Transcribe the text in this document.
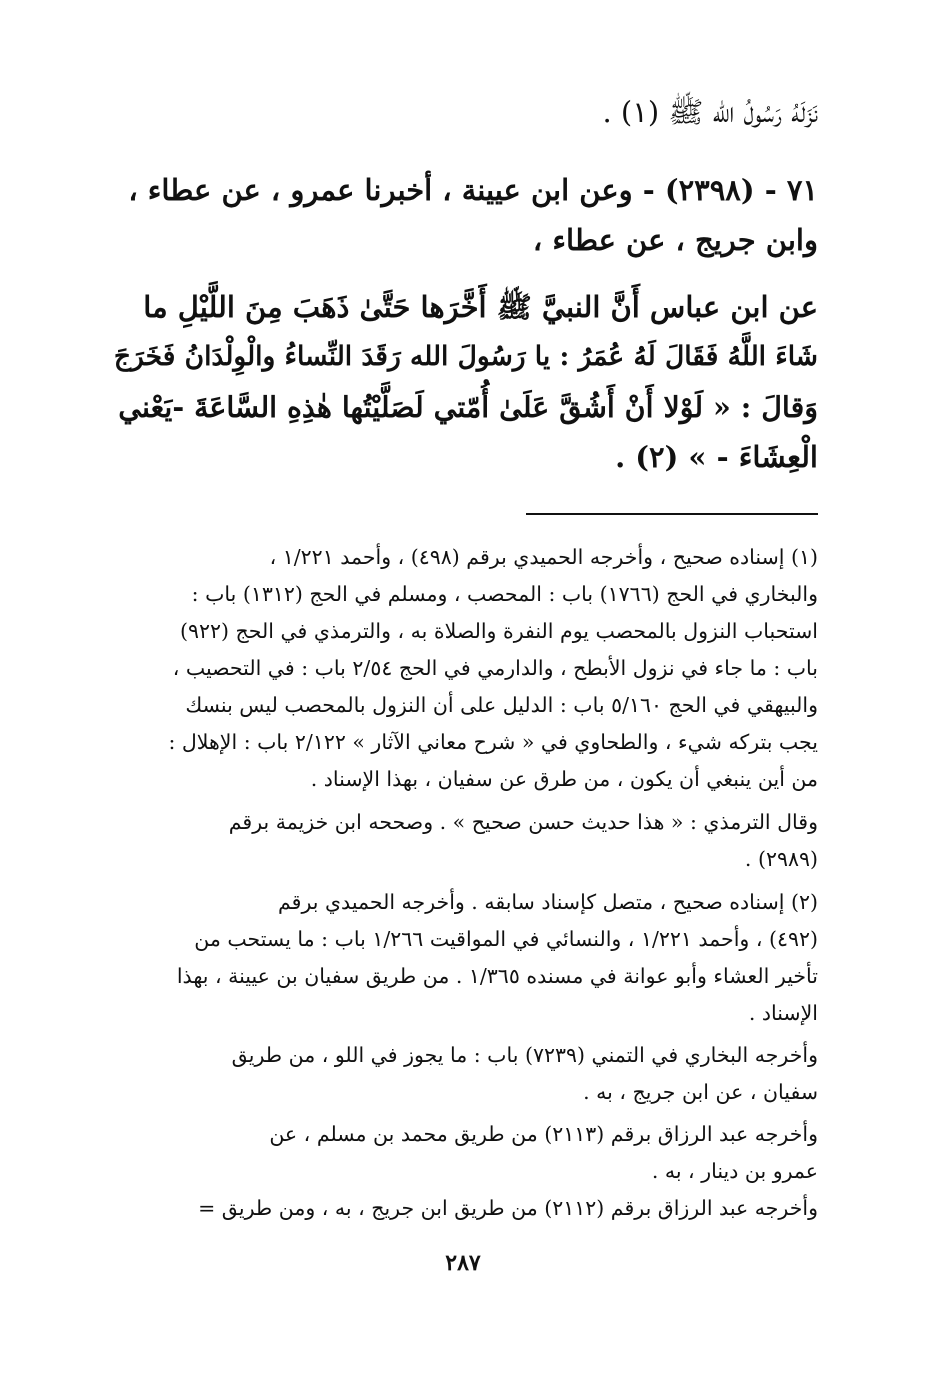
نَزَلَهُ رَسُولُ الله ﷺ (١) .
٧١ - (٢٣٩٨) - وعن ابن عيينة ، أخبرنا عمرو ، عن عطاء ،
وابن جريج ، عن عطاء ،
عن ابن عباس أَنَّ النبيَّ ﷺ أَخَّرَها حَتَّىٰ ذَهَبَ مِنَ اللَّيْلِ ما
شَاءَ اللَّهُ فَقَالَ لَهُ عُمَرُ : يا رَسُولَ الله رَقَدَ النِّساءُ والْوِلْدَانُ فَخَرَجَ
وَقالَ : « لَوْلا أَنْ أَشُقَّ عَلَىٰ أُمّتي لَصَلَّيْتُها هٰذِهِ السَّاعَةَ -يَعْني
الْعِشَاءَ - » (٢) .
(١) إسناده صحيح ، وأخرجه الحميدي برقم (٤٩٨) ، وأحمد ١/٢٢١ ،
والبخاري في الحج (١٧٦٦) باب : المحصب ، ومسلم في الحج (١٣١٢) باب :
استحباب النزول بالمحصب يوم النفرة والصلاة به ، والترمذي في الحج (٩٢٢)
باب : ما جاء في نزول الأبطح ، والدارمي في الحج ٢/٥٤ باب : في التحصيب ،
والبيهقي في الحج ٥/١٦٠ باب : الدليل على أن النزول بالمحصب ليس بنسك
يجب بتركه شيء ، والطحاوي في « شرح معاني الآثار » ٢/١٢٢ باب : الإهلال :
من أين ينبغي أن يكون ، من طرق عن سفيان ، بهذا الإسناد .
وقال الترمذي : « هذا حديث حسن صحيح » . وصححه ابن خزيمة برقم
(٢٩٨٩) .
(٢) إسناده صحيح ، متصل كإسناد سابقه . وأخرجه الحميدي برقم
(٤٩٢) ، وأحمد ١/٢٢١ ، والنسائي في المواقيت ١/٢٦٦ باب : ما يستحب من
تأخير العشاء وأبو عوانة في مسنده ١/٣٦٥ . من طريق سفيان بن عيينة ، بهذا
الإسناد .
وأخرجه البخاري في التمني (٧٢٣٩) باب : ما يجوز في اللو ، من طريق
سفيان ، عن ابن جريج ، به .
وأخرجه عبد الرزاق برقم (٢١١٣) من طريق محمد بن مسلم ، عن
عمرو بن دينار ، به .
وأخرجه عبد الرزاق برقم (٢١١٢) من طريق ابن جريج ، به ، ومن طريق =
٢٨٧
